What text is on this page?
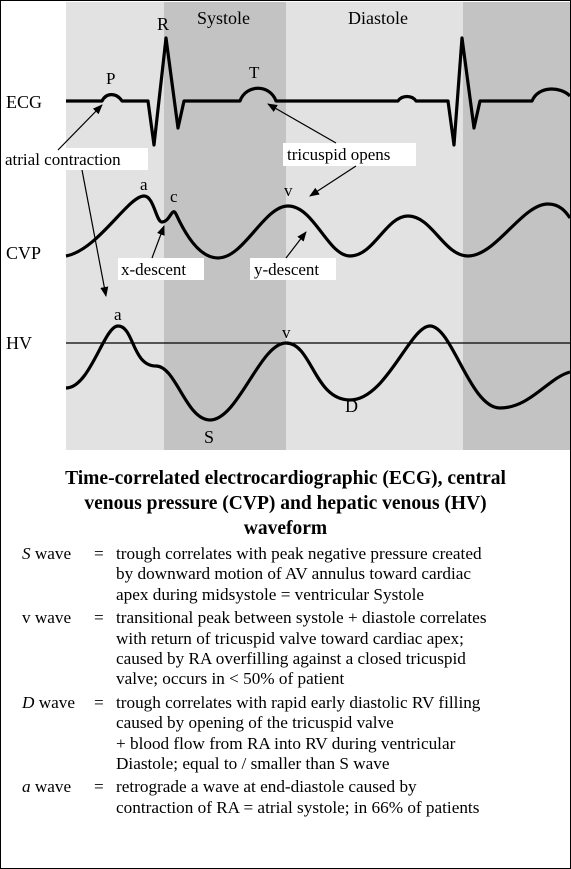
Systole	Diastole
ECG
CVP
HV
P
R
T
a
c	v
a
v
S
D
atrial contraction	tricuspid opens
x-descent	y-descent
Time-correlated electrocardiographic (ECG), central
venous pressure (CVP) and hepatic venous (HV)
waveform
S wave	= trough correlates with peak negative pressure created
by downward motion of AV annulus toward cardiac
apex during midsystole = ventricular Systole
v wave	= transitional peak between systole + diastole correlates
with return of tricuspid valve toward cardiac apex;
caused by RA overfilling against a closed tricuspid
valve; occurs in < 50% of patient
D wave	= trough correlates with rapid early diastolic RV filling
caused by opening of the tricuspid valve
+ blood flow from RA into RV during ventricular
Diastole; equal to / smaller than S wave
a wave	= retrograde a wave at end-diastole caused by
contraction of RA = atrial systole; in 66% of patients
